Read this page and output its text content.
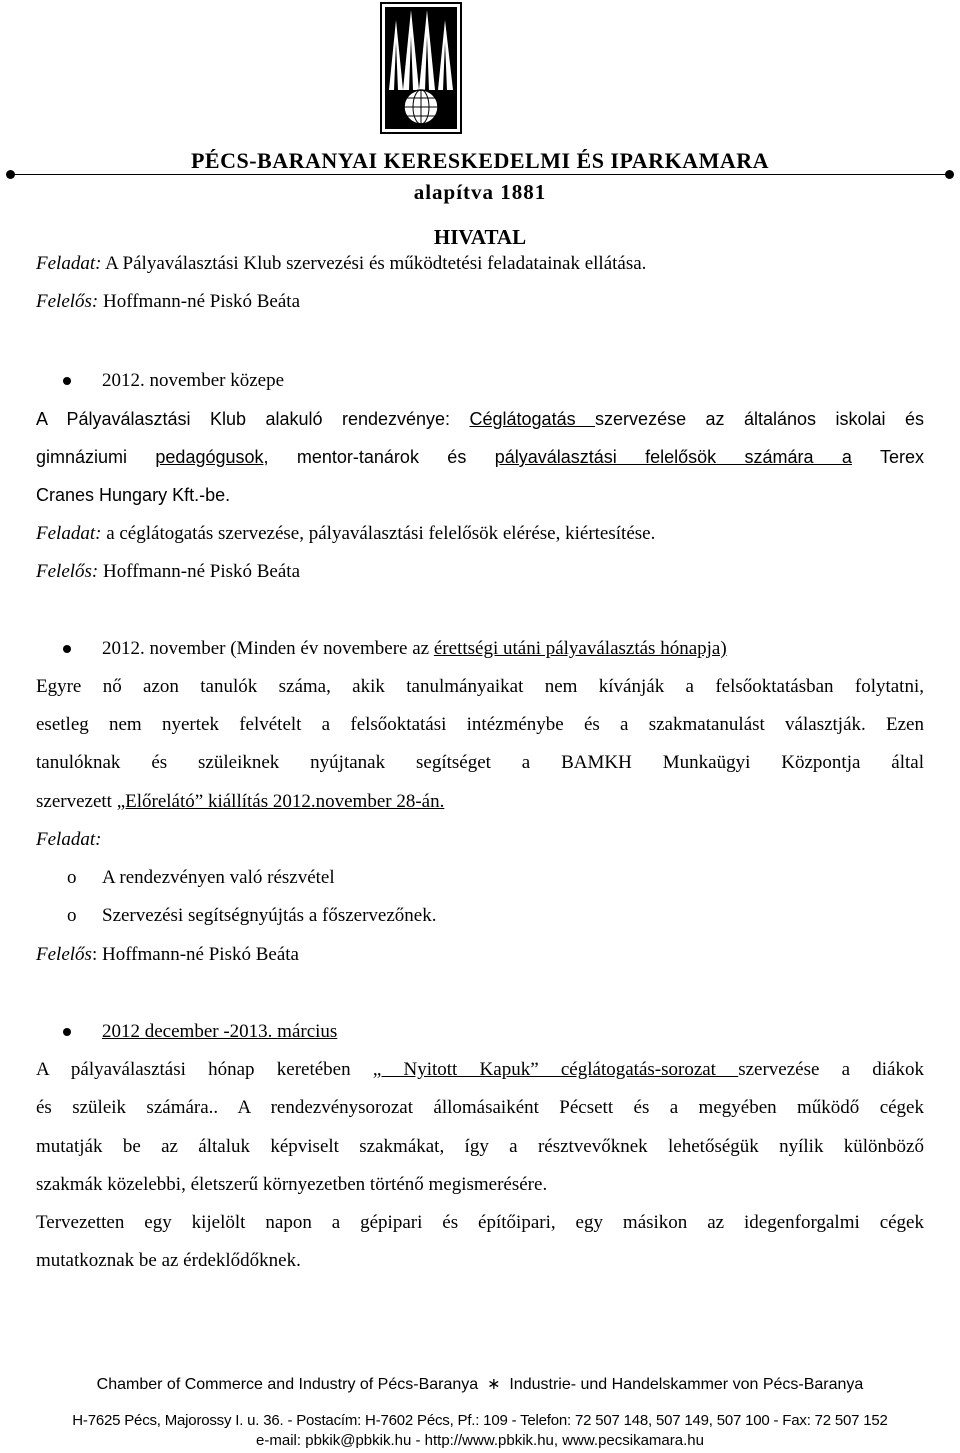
PÉCS-BARANYAI KERESKEDELMI ÉS IPARKAMARA
alapítva 1881
HIVATAL
Feladat: A Pályaválasztási Klub szervezési és működtetési feladatainak ellátása.
Felelős: Hoffmann-né Piskó Beáta
2012. november közepe
A Pályaválasztási Klub alakuló rendezvénye: Céglátogatás szervezése az általános iskolai és
gimnáziumi pedagógusok, mentor-tanárok és pályaválasztási felelősök számára a Terex
Cranes Hungary Kft.-be.
Feladat: a céglátogatás szervezése, pályaválasztási felelősök elérése, kiértesítése.
Felelős: Hoffmann-né Piskó Beáta
2012. november (Minden év novembere az érettségi utáni pályaválasztás hónapja)
Egyre nő azon tanulók száma, akik tanulmányaikat nem kívánják a felsőoktatásban folytatni,
esetleg nem nyertek felvételt a felsőoktatási intézménybe és a szakmatanulást választják. Ezen
tanulóknak és szüleiknek nyújtanak segítséget a BAMKH Munkaügyi Központja által
szervezett „Előrelátó” kiállítás 2012.november 28-án.
Feladat:
o A rendezvényen való részvétel
o Szervezési segítségnyújtás a főszervezőnek.
Felelős: Hoffmann-né Piskó Beáta
2012 december -2013. március
A pályaválasztási hónap keretében „ Nyitott Kapuk” céglátogatás-sorozat szervezése a diákok
és szüleik számára.. A rendezvénysorozat állomásaiként Pécsett és a megyében működő cégek
mutatják be az általuk képviselt szakmákat, így a résztvevőknek lehetőségük nyílik különböző
szakmák közelebbi, életszerű környezetben történő megismerésére.
Tervezetten egy kijelölt napon a gépipari és építőipari, egy másikon az idegenforgalmi cégek
mutatkoznak be az érdeklődőknek.
Chamber of Commerce and Industry of Pécs-Baranya ∗ Industrie- und Handelskammer von Pécs-Baranya
H-7625 Pécs, Majorossy I. u. 36. - Postacím: H-7602 Pécs, Pf.: 109 - Telefon: 72 507 148, 507 149, 507 100 - Fax: 72 507 152
e-mail: pbkik@pbkik.hu - http://www.pbkik.hu, www.pecsikamara.hu
